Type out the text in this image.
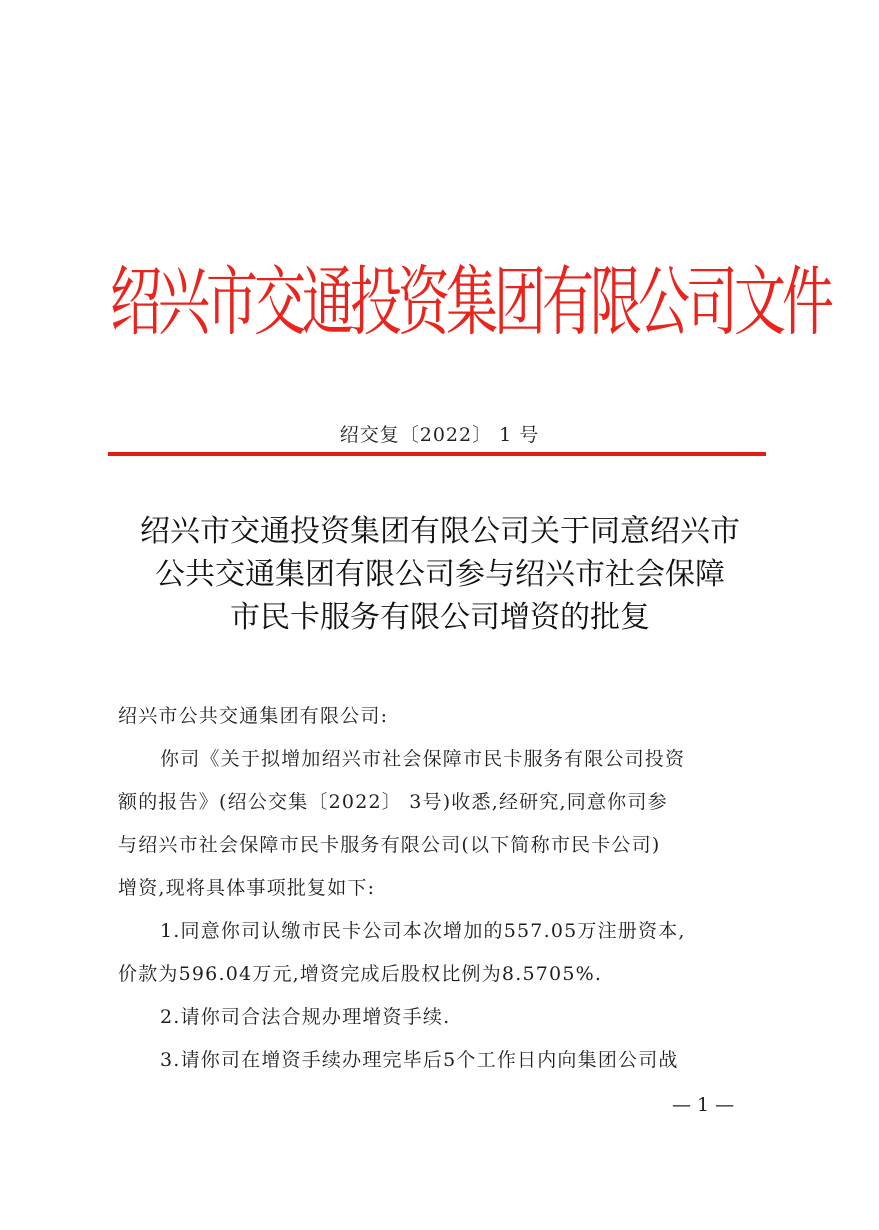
绍兴市交通投资集团有限公司文件
绍交复〔2022〕 1 号
绍兴市交通投资集团有限公司关于同意绍兴市
公共交通集团有限公司参与绍兴市社会保障
市民卡服务有限公司增资的批复

绍兴市公共交通集团有限公司:

你司《关于拟增加绍兴市社会保障市民卡服务有限公司投资

额的报告》(绍公交集〔2022〕 3号)收悉,经研究,同意你司参

与绍兴市社会保障市民卡服务有限公司(以下简称市民卡公司)

增资,现将具体事项批复如下:

1.同意你司认缴市民卡公司本次增加的557.05万注册资本,

价款为596.04万元,增资完成后股权比例为8.5705%.

2.请你司合法合规办理增资手续.

3.请你司在增资手续办理完毕后5个工作日内向集团公司战

— 1 —
